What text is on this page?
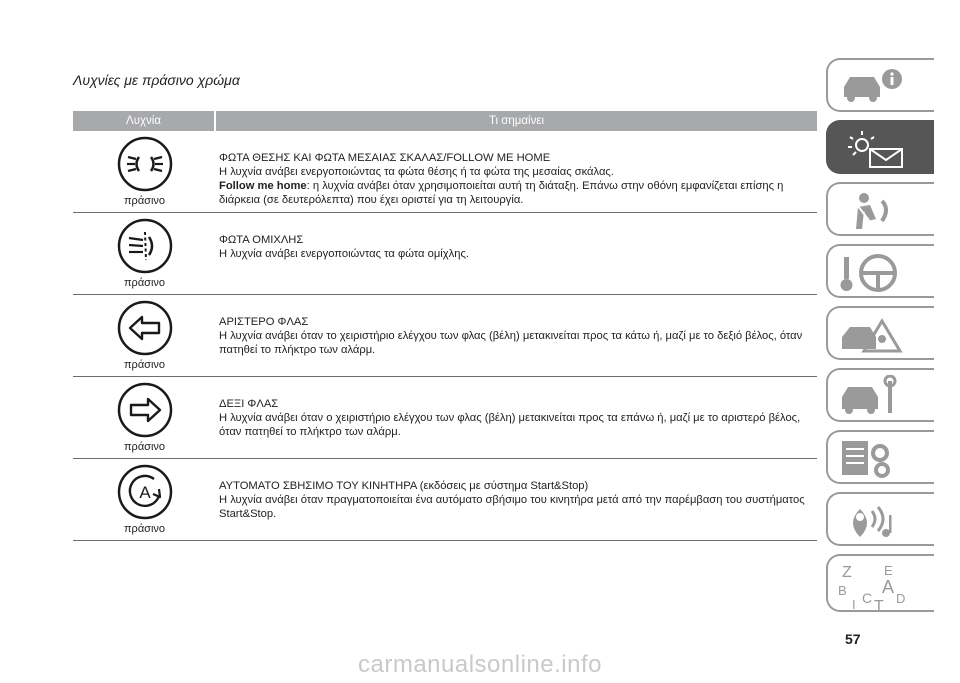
Λυχνίες με πράσινο χρώμα
Λυχνία	Τι σημαίνει
πράσινο
ΦΩΤΑ ΘΕΣΗΣ ΚΑΙ ΦΩΤΑ ΜΕΣΑΙΑΣ ΣΚΑΛΑΣ/FOLLOW ME HOME
Η λυχνία ανάβει ενεργοποιώντας τα φώτα θέσης ή τα φώτα της μεσαίας σκάλας.
Follow me home: η λυχνία ανάβει όταν χρησιμοποιείται αυτή τη διάταξη. Επάνω στην οθόνη εμφανίζεται επίσης η διάρκεια (σε δευτερόλεπτα) που έχει οριστεί για τη λειτουργία.
πράσινο
ΦΩΤΑ ΟΜΙΧΛΗΣ
Η λυχνία ανάβει ενεργοποιώντας τα φώτα ομίχλης.
πράσινο
ΑΡΙΣΤΕΡΟ ΦΛΑΣ
Η λυχνία ανάβει όταν το χειριστήριο ελέγχου των φλας (βέλη) μετακινείται προς τα κάτω ή, μαζί με το δεξιό βέλος, όταν πατηθεί το πλήκτρο των αλάρμ.
πράσινο
ΔΕΞΙ ΦΛΑΣ
Η λυχνία ανάβει όταν ο χειριστήριο ελέγχου των φλας (βέλη) μετακινείται προς τα επάνω ή, μαζί με το αριστερό βέλος, όταν πατηθεί το πλήκτρο των αλάρμ.
A
πράσινο
ΑΥΤΟΜΑΤΟ ΣΒΗΣΙΜΟ ΤΟΥ ΚΙΝΗΤΗΡΑ (εκδόσεις με σύστημα Start&Stop)
Η λυχνία ανάβει όταν πραγματοποιείται ένα αυτόματο σβήσιμο του κινητήρα μετά από την παρέμβαση του συστήματος Start&Stop.
Z E
B A
I C T D
57
carmanualsonline.info
